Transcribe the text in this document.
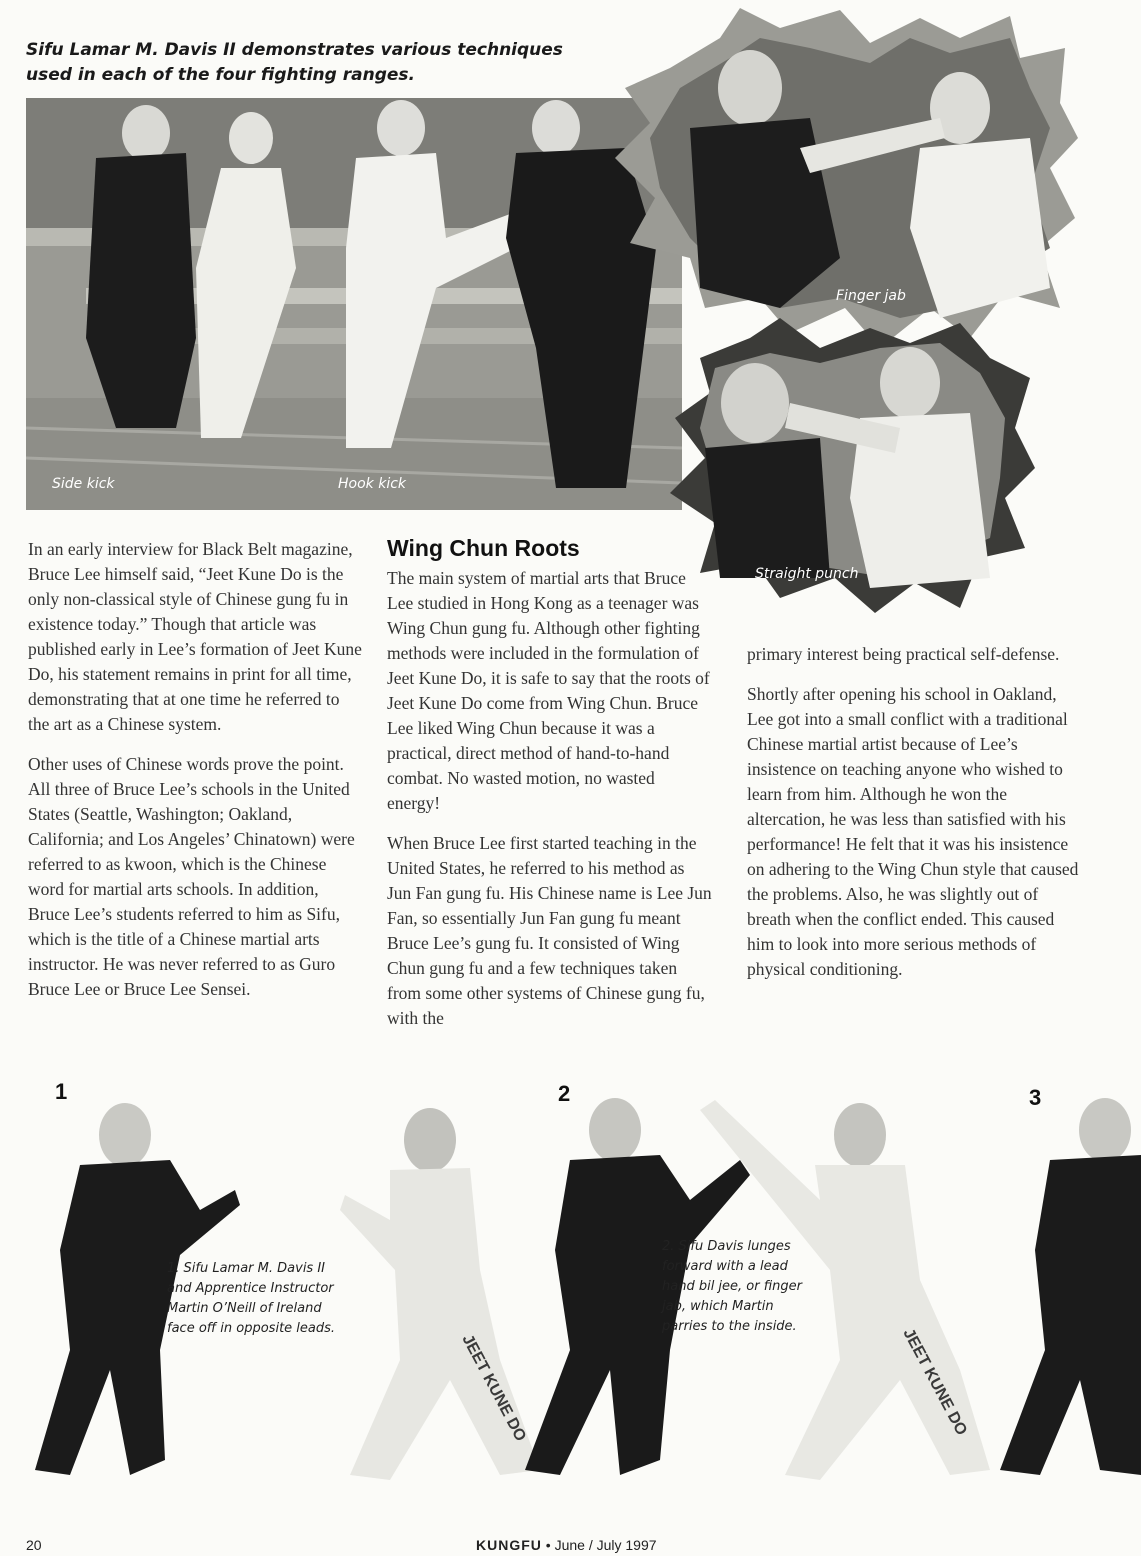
Sifu Lamar M. Davis II demonstrates various techniques used in each of the four fighting ranges.
Side kick	Hook kick
Finger jab
Straight punch

In an early interview for Black Belt magazine, Bruce Lee himself said, “Jeet Kune Do is the only non-classical style of Chinese gung fu in existence today.” Though that article was published early in Lee’s formation of Jeet Kune Do, his statement remains in print for all time, demonstrating that at one time he referred to the art as a Chinese system.

Other uses of Chinese words prove the point. All three of Bruce Lee’s schools in the United States (Seattle, Washington; Oakland, California; and Los Angeles’ Chinatown) were referred to as kwoon, which is the Chinese word for martial arts schools. In addition, Bruce Lee’s students referred to him as Sifu, which is the title of a Chinese martial arts instructor. He was never referred to as Guro Bruce Lee or Bruce Lee Sensei.

Wing Chun Roots

The main system of martial arts that Bruce Lee studied in Hong Kong as a teenager was Wing Chun gung fu. Although other fighting methods were included in the formulation of Jeet Kune Do, it is safe to say that the roots of Jeet Kune Do come from Wing Chun. Bruce Lee liked Wing Chun because it was a practical, direct method of hand-to-hand combat. No wasted motion, no wasted energy!

When Bruce Lee first started teaching in the United States, he referred to his method as Jun Fan gung fu. His Chinese name is Lee Jun Fan, so essentially Jun Fan gung fu meant Bruce Lee’s gung fu. It consisted of Wing Chun gung fu and a few techniques taken from some other systems of Chinese gung fu, with the

primary interest being practical self-defense.

Shortly after opening his school in Oakland, Lee got into a small conflict with a traditional Chinese martial artist because of Lee’s insistence on teaching anyone who wished to learn from him. Although he won the altercation, he was less than satisfied with his performance! He felt that it was his insistence on adhering to the Wing Chun style that caused the problems. Also, he was slightly out of breath when the conflict ended. This caused him to look into more serious methods of physical conditioning.

JEET KUNE DO	JEET KUNE DO
1	2	3
1. Sifu Lamar M. Davis II and Apprentice Instructor Martin O’Neill of Ireland face off in opposite leads.
2. Sifu Davis lunges forward with a lead hand bil jee, or finger jab, which Martin parries to the inside.
20	KUNGFU • June / July 1997
